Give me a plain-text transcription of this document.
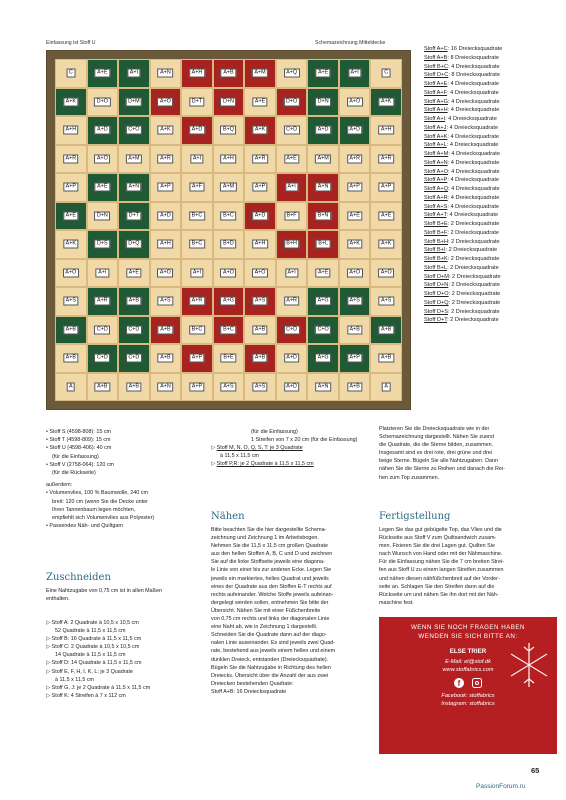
Einfassung ist Stoff U	Schemazeichnung Mitteldecke
C	A+E	A+I	A+N	A+H	A+B	A+M	A+Q	A+E	A+I	C
A+K	D+O	D+M	A+O	D+T	D+N	A+E	D+O	D+N	A+O	A+K
A+H	A+D	C+O	A+K	A+D	B+Q	A+K	C+D	A+D	A+D	A+H
A+R	A+O	A+M	A+R	A+I	A+H	A+R	A+E	A+M	A+R	A+R
A+P	A+E	A+N	A+P	A+F	A+M	A+P	A+I	A+N	A+P	A+P
A+E	D+N	D+T	A+D	B+C	B+C	A+D	B+F	B+N	A+E	A+E
A+K	D+S	D+Q	A+H	B+C	B+D	A+H	B+H	B+L	A+K	A+K
A+O	A+I	A+E	A+O	A+I	A+O	A+O	A+I	A+E	A+O	A+O
A+S	A+R	A+B	A+S	A+R	A+G	A+S	A+R	A+G	A+S	A+S
A+B	C+D	C+D	A+B	B+C	B+C	A+B	C+D	C+O	A+B	A+B
A+B	C+D	C+D	A+B	A+P	B+E	A+B	A+D	A+G	A+P	A+B
A	A+B	A+B	A+N	A+P	A+S	A+S	A+D	A+N	A+B	A
Stoff A+C: 16 Dreiecksquadrate
Stoff A+B: 8 Dreiecksquadrate
Stoff B+C: 4 Dreiecksquadrate
Stoff D+C: 8 Dreiecksquadrate
Stoff A+E: 4 Dreiecksquadrate
Stoff A+F: 4 Dreiecksquadrate
Stoff A+G: 4 Dreiecksquadrate
Stoff A+H: 4 Dreiecksquadrate
Stoff A+I: 4 Dreiecksquadrate
Stoff A+J: 4 Dreiecksquadrate
Stoff A+K: 4 Dreiecksquadrate
Stoff A+L: 4 Dreiecksquadrate
Stoff A+M: 4 Dreiecksquadrate
Stoff A+N: 4 Dreiecksquadrate
Stoff A+O: 4 Dreiecksquadrate
Stoff A+P: 4 Dreiecksquadrate
Stoff A+Q: 4 Dreiecksquadrate
Stoff A+R: 4 Dreiecksquadrate
Stoff A+S: 4 Dreiecksquadrate
Stoff A+T: 4 Dreiecksquadrate
Stoff B+E: 2 Dreiecksquadrate
Stoff B+F: 2 Dreiecksquadrate
Stoff B+H: 2 Dreiecksquadrate
Stoff B+I: 2 Dreiecksquadrate
Stoff B+K: 2 Dreiecksquadrate
Stoff B+L: 2 Dreiecksquadrate
Stoff D+M: 2 Dreiecksquadrate
Stoff D+N: 2 Dreiecksquadrate
Stoff D+O: 2 Dreiecksquadrate
Stoff D+Q: 2 Dreiecksquadrate
Stoff D+S: 2 Dreiecksquadrate
Stoff D+T: 2 Dreiecksquadrate
• Stoff S (4598-808): 15 cm
• Stoff T (4598-809): 15 cm
• Stoff U (4598-406): 40 cm
(für die Einfassung)
• Stoff V (2758-064): 120 cm
(für die Rückseite)
außerdem:
• Volumenvlies, 100 % Baumwolle, 240 cm
breit: 120 cm (wenn Sie die Decke unter
Ihren Tannenbaum legen möchten,
empfiehlt sich Volumenvlies aus Polyester)
• Passendes Näh- und Quiltgarn
Zuschneiden
Eine Nahtzugabe von 0,75 cm ist in allen Maßen
enthalten.
▷ Stoff A: 2 Quadrate à 10,5 x 10,5 cm
52 Quadrate à 11,5 x 11,5 cm
▷ Stoff B: 16 Quadrate à 11,5 x 11,5 cm
▷ Stoff C: 2 Quadrate à 10,5 x 10,5 cm
14 Quadrate à 11,5 x 11,5 cm
▷ Stoff D: 14 Quadrate à 11,5 x 11,5 cm
▷ Stoff E, F, H, I, K, L: je 3 Quadrate
à 11,5 x 11,5 cm
▷ Stoff G, J: je 2 Quadrate à 11,5 x 11,5 cm
▷ Stoff K: 4 Streifen à 7 x 112 cm
(für die Einfassung)
1 Streifen von 7 x 20 cm (für die Einfassung)
▷ Stoff M, N, O, Q, S, T: je 3 Quadrate
à 11,5 x 11,5 cm
▷ Stoff P,R: je 2 Quadrate à 11,5 x 11,5 cm
Nähen
Bitte beachten Sie die hier dargestellte Schema-
zeichnung und Zeichnung 1 im Arbeitsbogen.
Nehmen Sie die 11,5 x 11,5 cm großen Quadrate
aus den hellen Stoffen A, B, C und D und zeichnen
Sie auf die linke Stoffseite jeweils eine diagona-
le Linie von einer bis zur anderen Ecke. Legen Sie
jeweils ein markiertes, helles Quadrat und jeweils
eines der Quadrate aus den Stoffen E-T rechts auf
rechts aufeinander. Welche Stoffe jeweils aufeinan-
dergelegt werden sollen, entnehmen Sie bitte der
Übersicht. Nähen Sie mit einer Füßchenbreite
von 0,75 cm rechts und links der diagonalen Linie
eine Naht ab, wie in Zeichnung 1 dargestellt.
Schneiden Sie die Quadrate dann auf der diago-
nalen Linie auseinander. Es sind jeweils zwei Quad-
rate, bestehend aus jeweils einem hellen und einem
dunklen Dreieck, entstanden (Dreiecksquadrate).
Bügeln Sie die Nahtzugabe in Richtung des hellen
Dreiecks. Übersicht über die Anzahl der aus zwei
Dreiecken bestehenden Quadrate:
Stoff A+B: 16 Dreiecksquadrate
Platzieren Sie die Dreiecksquadrate wie in der
Schemazeichnung dargestellt. Nähen Sie zuerst
die Quadrate, die die Sterne bilden, zusammen.
Insgesamt sind es drei rote, drei grüne und drei
beige Sterne. Bügeln Sie alle Nahtzugaben. Dann
nähen Sie die Sterne zu Reihen und danach die Rei-
hen zum Top zusammen.
Fertigstellung
Legen Sie das gut gebügelte Top, das Vlies und die
Rückseite aus Stoff V zum Quiltsandwich zusam-
men. Fixieren Sie die drei Lagen gut. Quilten Sie
nach Wunsch von Hand oder mit der Nähmaschine.
Für die Einfassung nähen Sie die 7 cm breiten Strei-
fen aus Stoff U zu einem langen Streifen zusammen
und nähen diesen nähfüßchenbreit auf der Vorder-
seite an. Schlagen Sie den Streifen dann auf die
Rückseite um und nähen Sie ihn dort mit der Näh-
maschine fest.
WENN SIE NOCH FRAGEN HABEN
WENDEN SIE SICH BITTE AN:
ELSE TRIER
E-Mail: et@stof.dk
www.stoffabrics.com
f
Facebook: stoffabrics
Instagram: stoffabrics
65
PassionForum.ru
